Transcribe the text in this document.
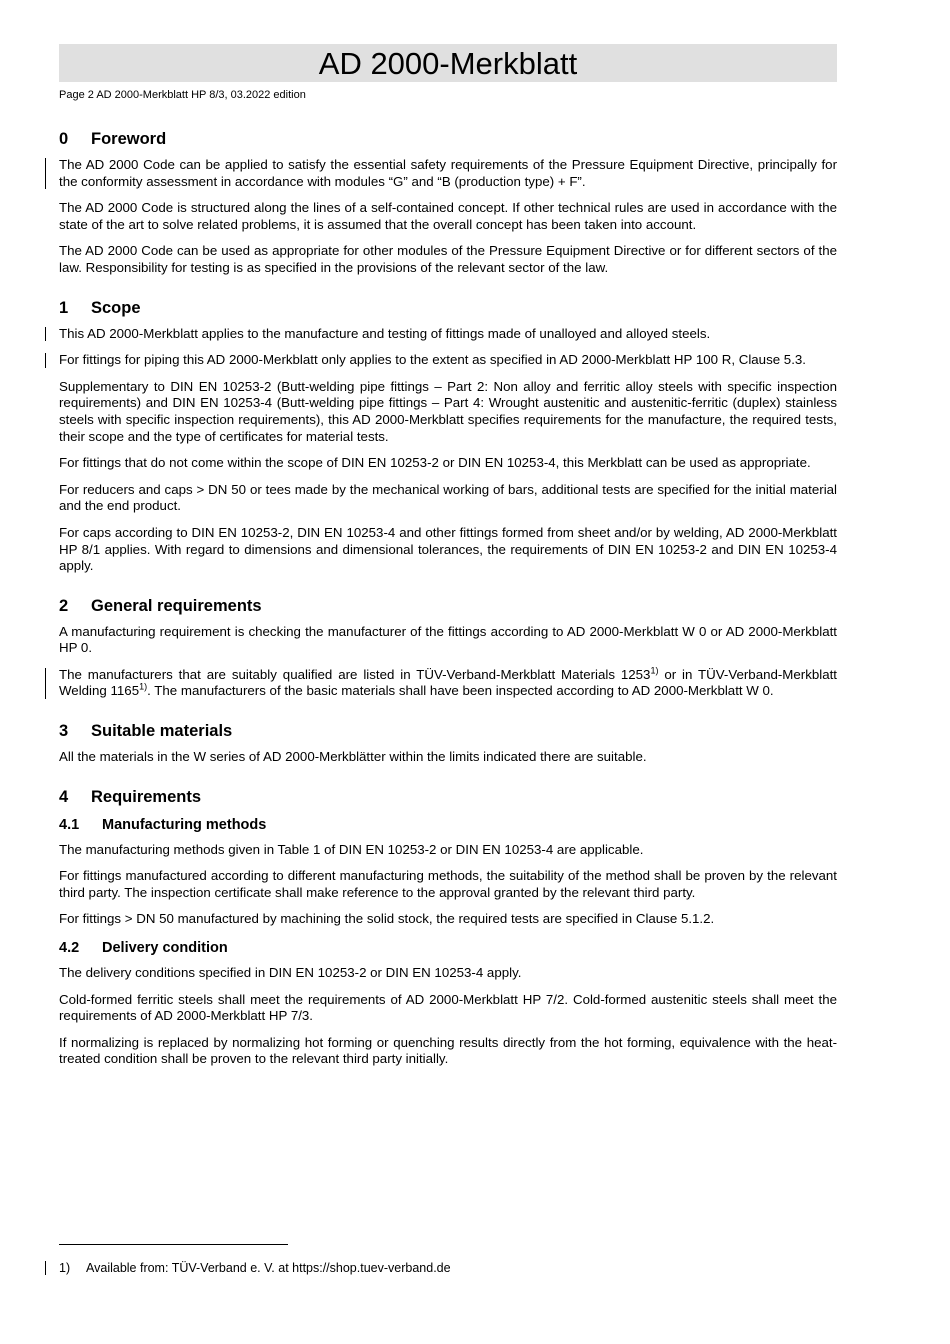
AD 2000-Merkblatt
Page 2 AD 2000-Merkblatt HP 8/3, 03.2022 edition
0	Foreword

The AD 2000 Code can be applied to satisfy the essential safety requirements of the Pressure Equipment Directive, principally for the conformity assessment in accordance with modules “G” and “B (production type) + F”.

The AD 2000 Code is structured along the lines of a self-contained concept. If other technical rules are used in accordance with the state of the art to solve related problems, it is assumed that the overall concept has been taken into account.

The AD 2000 Code can be used as appropriate for other modules of the Pressure Equipment Directive or for different sectors of the law. Responsibility for testing is as specified in the provisions of the relevant sector of the law.

1	Scope

This AD 2000-Merkblatt applies to the manufacture and testing of fittings made of unalloyed and alloyed steels.

For fittings for piping this AD 2000-Merkblatt only applies to the extent as specified in AD 2000-Merkblatt HP 100 R, Clause 5.3.

Supplementary to DIN EN 10253-2 (Butt-welding pipe fittings – Part 2: Non alloy and ferritic alloy steels with specific inspection requirements) and DIN EN 10253-4 (Butt-welding pipe fittings – Part 4: Wrought austenitic and austenitic-ferritic (duplex) stainless steels with specific inspection requirements), this AD 2000-Merkblatt specifies requirements for the manufacture, the required tests, their scope and the type of certificates for material tests.

For fittings that do not come within the scope of DIN EN 10253-2 or DIN EN 10253-4, this Merkblatt can be used as appropriate.

For reducers and caps > DN 50 or tees made by the mechanical working of bars, additional tests are specified for the initial material and the end product.

For caps according to DIN EN 10253-2, DIN EN 10253-4 and other fittings formed from sheet and/or by welding, AD 2000-Merkblatt HP 8/1 applies. With regard to dimensions and dimensional tolerances, the requirements of DIN EN 10253-2 and DIN EN 10253-4 apply.

2	General requirements

A manufacturing requirement is checking the manufacturer of the fittings according to AD 2000-Merkblatt W 0 or AD 2000-Merkblatt HP 0.

The manufacturers that are suitably qualified are listed in TÜV-Verband-Merkblatt Materials 1253$^{1)}$ or in TÜV-Verband-Merkblatt Welding 1165$^{1)}$. The manufacturers of the basic materials shall have been inspected according to AD 2000-Merkblatt W 0.

3	Suitable materials

All the materials in the W series of AD 2000-Merkblätter within the limits indicated there are suitable.

4	Requirements
4.1	Manufacturing methods

The manufacturing methods given in Table 1 of DIN EN 10253-2 or DIN EN 10253-4 are applicable.

For fittings manufactured according to different manufacturing methods, the suitability of the method shall be proven by the relevant third party. The inspection certificate shall make reference to the approval granted by the relevant third party.

For fittings > DN 50 manufactured by machining the solid stock, the required tests are specified in Clause 5.1.2.

4.2	Delivery condition

The delivery conditions specified in DIN EN 10253-2 or DIN EN 10253-4 apply.

Cold-formed ferritic steels shall meet the requirements of AD 2000-Merkblatt HP 7/2. Cold-formed austenitic steels shall meet the requirements of AD 2000-Merkblatt HP 7/3.

If normalizing is replaced by normalizing hot forming or quenching results directly from the hot forming, equivalence with the heat-treated condition shall be proven to the relevant third party initially.

1) Available from: TÜV-Verband e. V. at https://shop.tuev-verband.de
